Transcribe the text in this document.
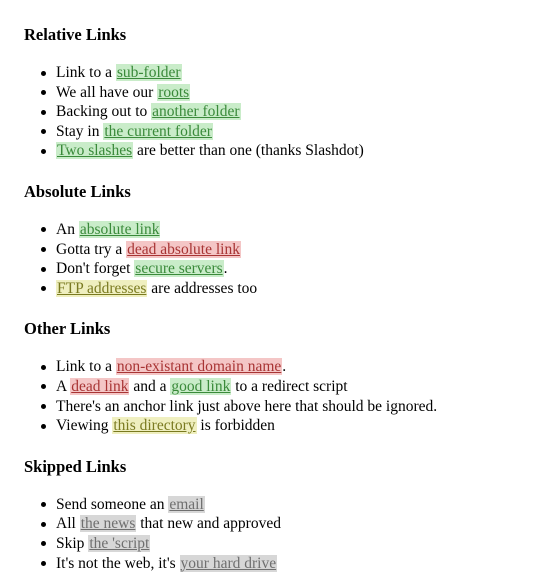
Relative Links
Link to a sub-folder
We all have our roots
Backing out to another folder
Stay in the current folder
Two slashes are better than one (thanks Slashdot)
Absolute Links
An absolute link
Gotta try a dead absolute link
Don't forget secure servers.
FTP addresses are addresses too
Other Links
Link to a non-existant domain name.
A dead link and a good link to a redirect script
There's an anchor link just above here that should be ignored.
Viewing this directory is forbidden
Skipped Links
Send someone an email
All the news that new and approved
Skip the 'script
It's not the web, it's your hard drive
